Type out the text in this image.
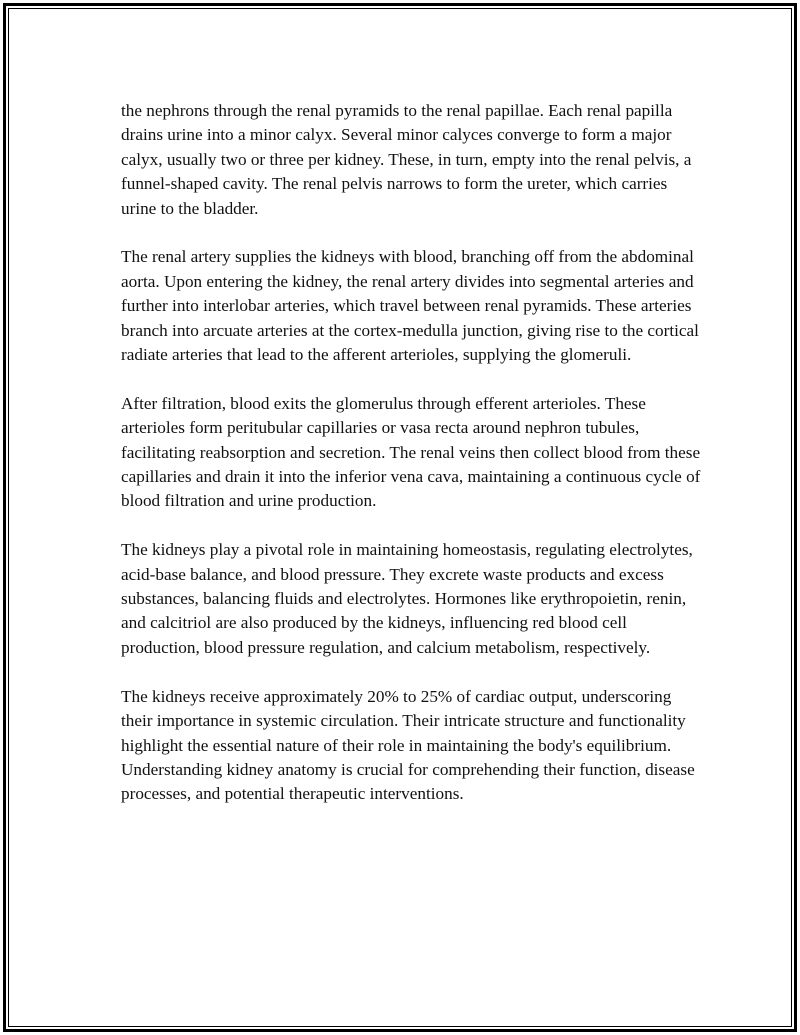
the nephrons through the renal pyramids to the renal papillae. Each renal papilla drains urine into a minor calyx. Several minor calyces converge to form a major calyx, usually two or three per kidney. These, in turn, empty into the renal pelvis, a funnel-shaped cavity. The renal pelvis narrows to form the ureter, which carries urine to the bladder.

The renal artery supplies the kidneys with blood, branching off from the abdominal aorta. Upon entering the kidney, the renal artery divides into segmental arteries and further into interlobar arteries, which travel between renal pyramids. These arteries branch into arcuate arteries at the cortex-medulla junction, giving rise to the cortical radiate arteries that lead to the afferent arterioles, supplying the glomeruli.

After filtration, blood exits the glomerulus through efferent arterioles. These arterioles form peritubular capillaries or vasa recta around nephron tubules, facilitating reabsorption and secretion. The renal veins then collect blood from these capillaries and drain it into the inferior vena cava, maintaining a continuous cycle of blood filtration and urine production.

The kidneys play a pivotal role in maintaining homeostasis, regulating electrolytes, acid-base balance, and blood pressure. They excrete waste products and excess substances, balancing fluids and electrolytes. Hormones like erythropoietin, renin, and calcitriol are also produced by the kidneys, influencing red blood cell production, blood pressure regulation, and calcium metabolism, respectively.

The kidneys receive approximately 20% to 25% of cardiac output, underscoring their importance in systemic circulation. Their intricate structure and functionality highlight the essential nature of their role in maintaining the body's equilibrium. Understanding kidney anatomy is crucial for comprehending their function, disease processes, and potential therapeutic interventions.
